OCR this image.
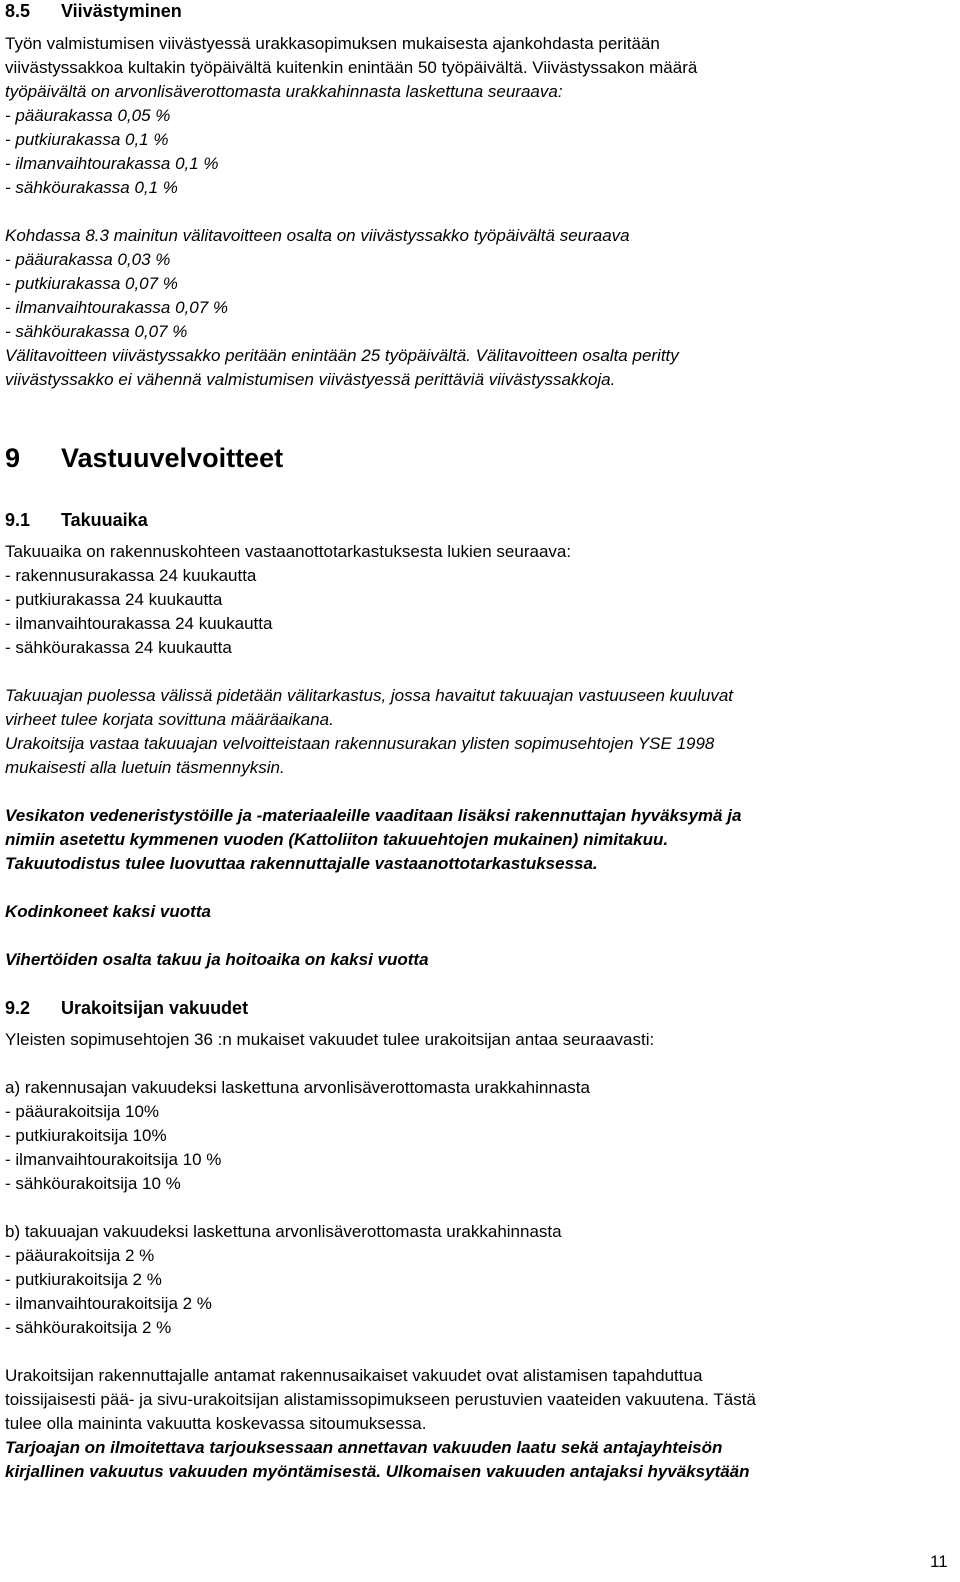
8.5 Viivästyminen
Työn valmistumisen viivästyessä urakkasopimuksen mukaisesta ajankohdasta peritään
viivästyssakkoa kultakin työpäivältä kuitenkin enintään 50 työpäivältä. Viivästyssakon määrä
työpäivältä on arvonlisäverottomasta urakkahinnasta laskettuna seuraava:
- pääurakassa 0,05 %
- putkiurakassa 0,1 %
- ilmanvaihtourakassa 0,1 %
- sähköurakassa 0,1 %
Kohdassa 8.3 mainitun välitavoitteen osalta on viivästyssakko työpäivältä seuraava
- pääurakassa 0,03 %
- putkiurakassa 0,07 %
- ilmanvaihtourakassa 0,07 %
- sähköurakassa 0,07 %
Välitavoitteen viivästyssakko peritään enintään 25 työpäivältä. Välitavoitteen osalta peritty
viivästyssakko ei vähennä valmistumisen viivästyessä perittäviä viivästyssakkoja.
9 Vastuuvelvoitteet
9.1 Takuuaika
Takuuaika on rakennuskohteen vastaanottotarkastuksesta lukien seuraava:
- rakennusurakassa 24 kuukautta
- putkiurakassa 24 kuukautta
- ilmanvaihtourakassa 24 kuukautta
- sähköurakassa 24 kuukautta
Takuuajan puolessa välissä pidetään välitarkastus, jossa havaitut takuuajan vastuuseen kuuluvat
virheet tulee korjata sovittuna määräaikana.
Urakoitsija vastaa takuuajan velvoitteistaan rakennusurakan ylisten sopimusehtojen YSE 1998
mukaisesti alla luetuin täsmennyksin.
Vesikaton vedeneristystöille ja -materiaaleille vaaditaan lisäksi rakennuttajan hyväksymä ja
nimiin asetettu kymmenen vuoden (Kattoliiton takuuehtojen mukainen) nimitakuu.
Takuutodistus tulee luovuttaa rakennuttajalle vastaanottotarkastuksessa.
Kodinkoneet kaksi vuotta
Vihertöiden osalta takuu ja hoitoaika on kaksi vuotta
9.2 Urakoitsijan vakuudet
Yleisten sopimusehtojen 36 :n mukaiset vakuudet tulee urakoitsijan antaa seuraavasti:
a) rakennusajan vakuudeksi laskettuna arvonlisäverottomasta urakkahinnasta
- pääurakoitsija 10%
- putkiurakoitsija 10%
- ilmanvaihtourakoitsija 10 %
- sähköurakoitsija 10 %
b) takuuajan vakuudeksi laskettuna arvonlisäverottomasta urakkahinnasta
- pääurakoitsija 2 %
- putkiurakoitsija 2 %
- ilmanvaihtourakoitsija 2 %
- sähköurakoitsija 2 %
Urakoitsijan rakennuttajalle antamat rakennusaikaiset vakuudet ovat alistamisen tapahduttua
toissijaisesti pää- ja sivu-urakoitsijan alistamissopimukseen perustuvien vaateiden vakuutena. Tästä
tulee olla maininta vakuutta koskevassa sitoumuksessa.
Tarjoajan on ilmoitettava tarjouksessaan annettavan vakuuden laatu sekä antajayhteisön
kirjallinen vakuutus vakuuden myöntämisestä. Ulkomaisen vakuuden antajaksi hyväksytään
11
